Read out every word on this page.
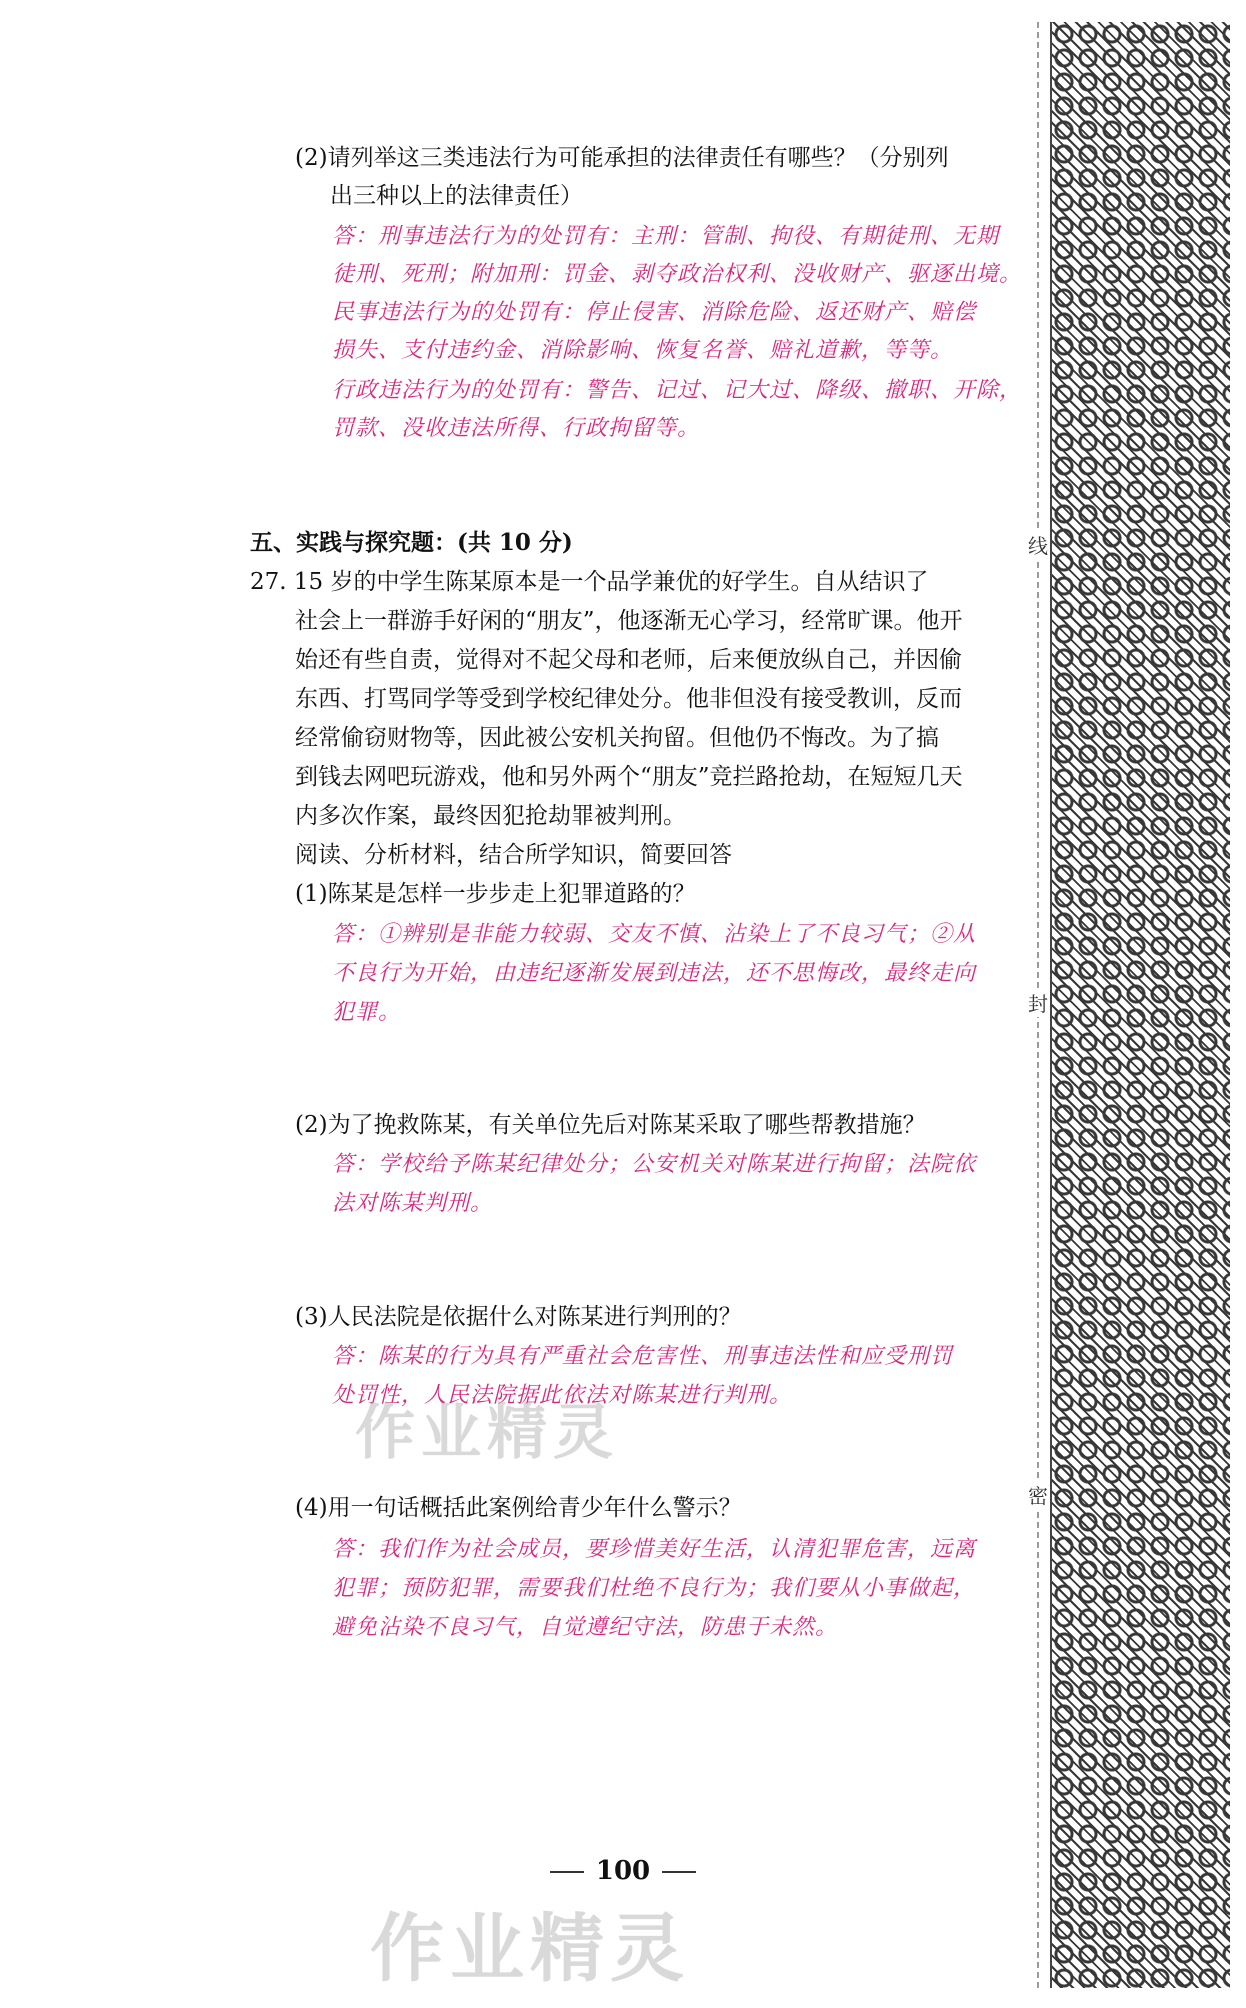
(2)请列举这三类违法行为可能承担的法律责任有哪些？（分别列
出三种以上的法律责任）
答：刑事违法行为的处罚有：主刑：管制、拘役、有期徒刑、无期
徒刑、死刑；附加刑：罚金、剥夺政治权利、没收财产、驱逐出境。
民事违法行为的处罚有：停止侵害、消除危险、返还财产、赔偿
损失、支付违约金、消除影响、恢复名誉、赔礼道歉，等等。
行政违法行为的处罚有：警告、记过、记大过、降级、撤职、开除，
罚款、没收违法所得、行政拘留等。
五、实践与探究题：(共 10 分)
27. 15 岁的中学生陈某原本是一个品学兼优的好学生。自从结识了
社会上一群游手好闲的“朋友”，他逐渐无心学习，经常旷课。他开
始还有些自责，觉得对不起父母和老师，后来便放纵自己，并因偷
东西、打骂同学等受到学校纪律处分。他非但没有接受教训，反而
经常偷窃财物等，因此被公安机关拘留。但他仍不悔改。为了搞
到钱去网吧玩游戏，他和另外两个“朋友”竞拦路抢劫，在短短几天
内多次作案，最终因犯抢劫罪被判刑。
阅读、分析材料，结合所学知识，简要回答
(1)陈某是怎样一步步走上犯罪道路的？
答：①辨别是非能力较弱、交友不慎、沾染上了不良习气；②从
不良行为开始，由违纪逐渐发展到违法，还不思悔改，最终走向
犯罪。
(2)为了挽救陈某，有关单位先后对陈某采取了哪些帮教措施？
答：学校给予陈某纪律处分；公安机关对陈某进行拘留；法院依
法对陈某判刑。
(3)人民法院是依据什么对陈某进行判刑的？
答：陈某的行为具有严重社会危害性、刑事违法性和应受刑罚
处罚性，人民法院据此依法对陈某进行判刑。
(4)用一句话概括此案例给青少年什么警示？
答：我们作为社会成员，要珍惜美好生活，认清犯罪危害，远离
犯罪；预防犯罪，需要我们杜绝不良行为；我们要从小事做起，
避免沾染不良习气，自觉遵纪守法，防患于未然。
作业精灵
作业精灵
100
线
封
密
